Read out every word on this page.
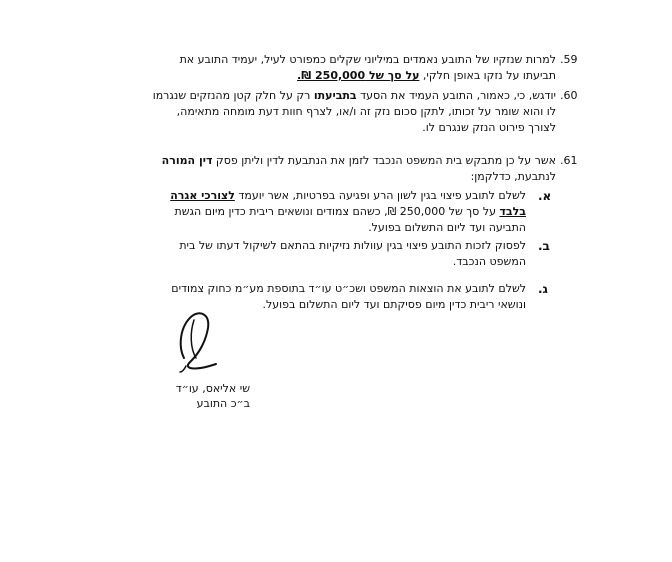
.59
למרות שנזקיו של התובע נאמדים במיליוני שקלים כמפורט לעיל, יעמיד התובע את
תביעתו על נזקו באופן חלקי, על סך של 250,000 ₪.
.60
יודגש, כי, כאמור, התובע העמיד את הסעד בתביעתו רק על חלק קטן מהנזקים שנגרמו
לו והוא שומר על זכותו, לתקן סכום נזק זה ו/או, לצרף חוות דעת מומחה מתאימה,
לצורך פירוט הנזק שנגרם לו.
.61
אשר על כן מתבקש בית המשפט הנכבד לזמן את הנתבעת לדין וליתן פסק דין המורה
לנתבעת, כדלקמן:
א.
לשלם לתובע פיצוי בגין לשון הרע ופגיעה בפרטיות, אשר יועמד לצורכי אגרה
בלבד על סך של 250,000 ₪, כשהם צמודים ונושאים ריבית כדין מיום הגשת
התביעה ועד ליום התשלום בפועל.
ב.
לפסוק לזכות התובע פיצוי בגין עוולות נזיקיות בהתאם לשיקול דעתו של בית
המשפט הנכבד.
ג.
לשלם לתובע את הוצאות המשפט ושכ״ט עו״ד בתוספת מע״מ כחוק צמודים
ונושאי ריבית כדין מיום פסיקתם ועד ליום התשלום בפועל.
שי אליאס, עו״ד
ב״כ התובע
